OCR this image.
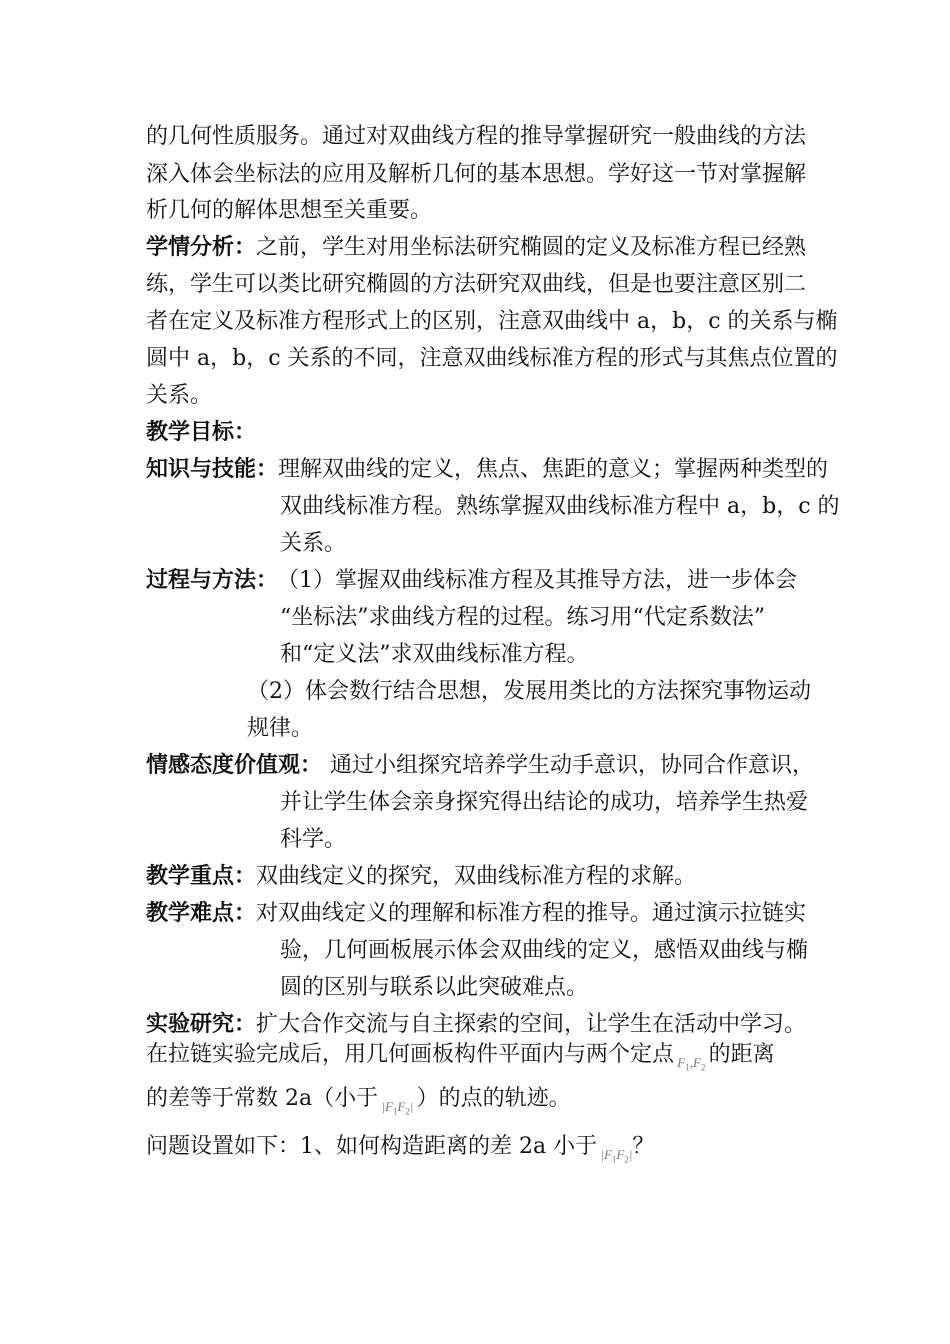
的几何性质服务。通过对双曲线方程的推导掌握研究一般曲线的方法
深入体会坐标法的应用及解析几何的基本思想。学好这一节对掌握解
析几何的解体思想至关重要。
学情分析：之前，学生对用坐标法研究椭圆的定义及标准方程已经熟
练，学生可以类比研究椭圆的方法研究双曲线，但是也要注意区别二
者在定义及标准方程形式上的区别，注意双曲线中 a，b，c 的关系与椭
圆中 a，b，c 关系的不同，注意双曲线标准方程的形式与其焦点位置的
关系。
教学目标：
知识与技能：理解双曲线的定义，焦点、焦距的意义；掌握两种类型的
双曲线标准方程。熟练掌握双曲线标准方程中 a，b，c 的
关系。
过程与方法： （1）掌握双曲线标准方程及其推导方法，进一步体会
“坐标法”求曲线方程的过程。练习用“代定系数法”
和“定义法”求双曲线标准方程。
（2）体会数行结合思想，发展用类比的方法探究事物运动
规律。
情感态度价值观： 通过小组探究培养学生动手意识，协同合作意识，
并让学生体会亲身探究得出结论的成功，培养学生热爱
科学。
教学重点：双曲线定义的探究，双曲线标准方程的求解。
教学难点：对双曲线定义的理解和标准方程的推导。通过演示拉链实
验，几何画板展示体会双曲线的定义，感悟双曲线与椭
圆的区别与联系以此突破难点。
实验研究：扩大合作交流与自主探索的空间，让学生在活动中学习。
在拉链实验完成后，用几何画板构件平面内与两个定点 $_{F_1,F_2}$ 的距离
的差等于常数 2a（小于 $_{|F_1F_2|}$ ）的点的轨迹。
问题设置如下：1、如何构造距离的差 2a 小于 $_{|F_1F_2|}$？
